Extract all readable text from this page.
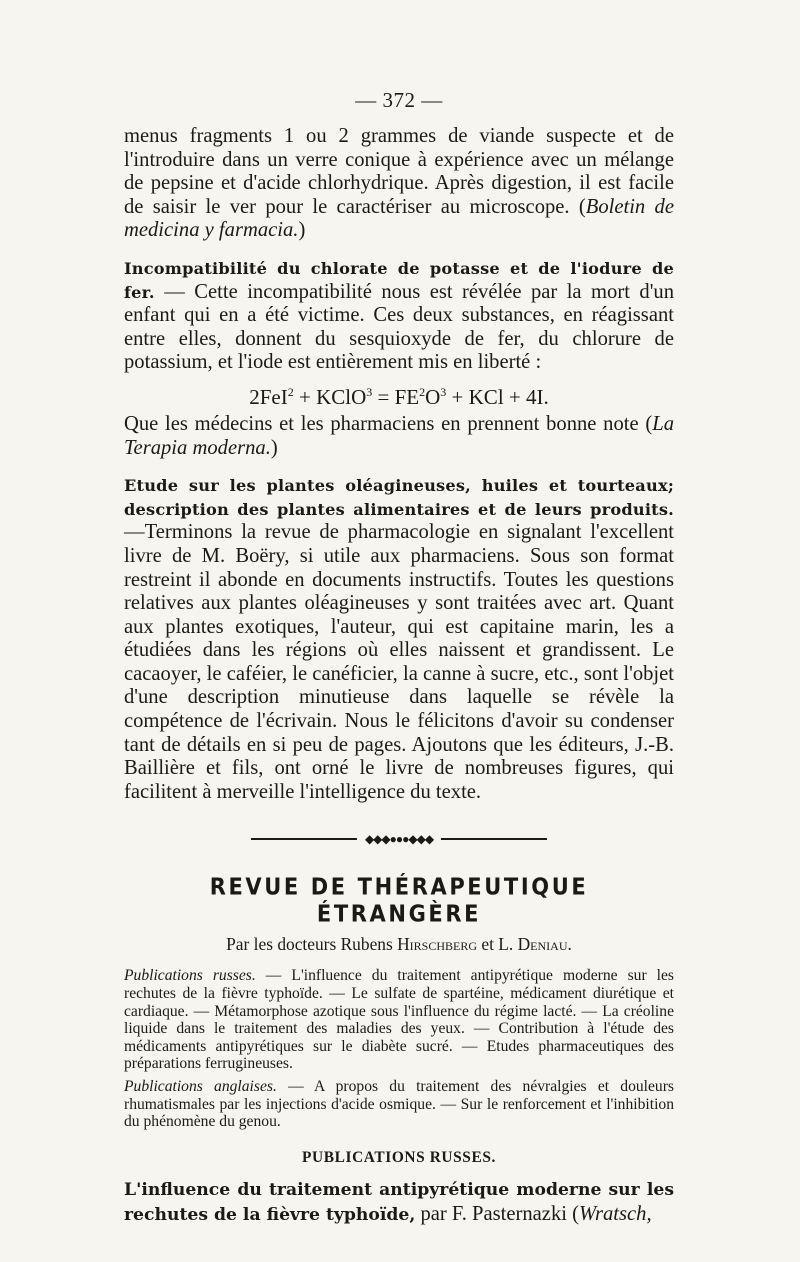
— 372 —

menus fragments 1 ou 2 grammes de viande suspecte et de l'introduire dans un verre conique à expérience avec un mélange de pepsine et d'acide chlorhydrique. Après digestion, il est facile de saisir le ver pour le caractériser au microscope. (Boletin de medicina y farmacia.)

Incompatibilité du chlorate de potasse et de l'iodure de fer. — Cette incompatibilité nous est révélée par la mort d'un enfant qui en a été victime. Ces deux substances, en réagissant entre elles, donnent du sesquioxyde de fer, du chlorure de potassium, et l'iode est entièrement mis en liberté :

2FeI$^2$ + KClO$^3$ = $FE^2O^3$ + KCl + 4I.

Que les médecins et les pharmaciens en prennent bonne note (La Terapia moderna.)

Etude sur les plantes oléagineuses, huiles et tourteaux; description des plantes alimentaires et de leurs produits. —Terminons la revue de pharmacologie en signalant l'excellent livre de M. Boëry, si utile aux pharmaciens. Sous son format restreint il abonde en documents instructifs. Toutes les questions relatives aux plantes oléagineuses y sont traitées avec art. Quant aux plantes exotiques, l'auteur, qui est capitaine marin, les a étudiées dans les régions où elles naissent et grandissent. Le cacaoyer, le caféier, le canéficier, la canne à sucre, etc., sont l'objet d'une description minutieuse dans laquelle se révèle la compétence de l'écrivain. Nous le félicitons d'avoir su condenser tant de détails en si peu de pages. Ajoutons que les éditeurs, J.-B. Baillière et fils, ont orné le livre de nombreuses figures, qui facilitent à merveille l'intelligence du texte.

◆◆◆●●●◆◆◆
REVUE DE THÉRAPEUTIQUE ÉTRANGÈRE
Par les docteurs Rubens Hirschberg et L. Deniau.

Publications russes. — L'influence du traitement antipyrétique moderne sur les rechutes de la fièvre typhoïde. — Le sulfate de spartéine, médicament diurétique et cardiaque. — Métamorphose azotique sous l'influence du régime lacté. — La créoline liquide dans le traitement des maladies des yeux. — Contribution à l'étude des médicaments antipyrétiques sur le diabète sucré. — Etudes pharmaceutiques des préparations ferrugineuses.

Publications anglaises. — A propos du traitement des névralgies et douleurs rhumatismales par les injections d'acide osmique. — Sur le renforcement et l'inhibition du phénomène du genou.

PUBLICATIONS RUSSES.

L'influence du traitement antipyrétique moderne sur les rechutes de la fièvre typhoïde, par F. Pasternazki (Wratsch,
